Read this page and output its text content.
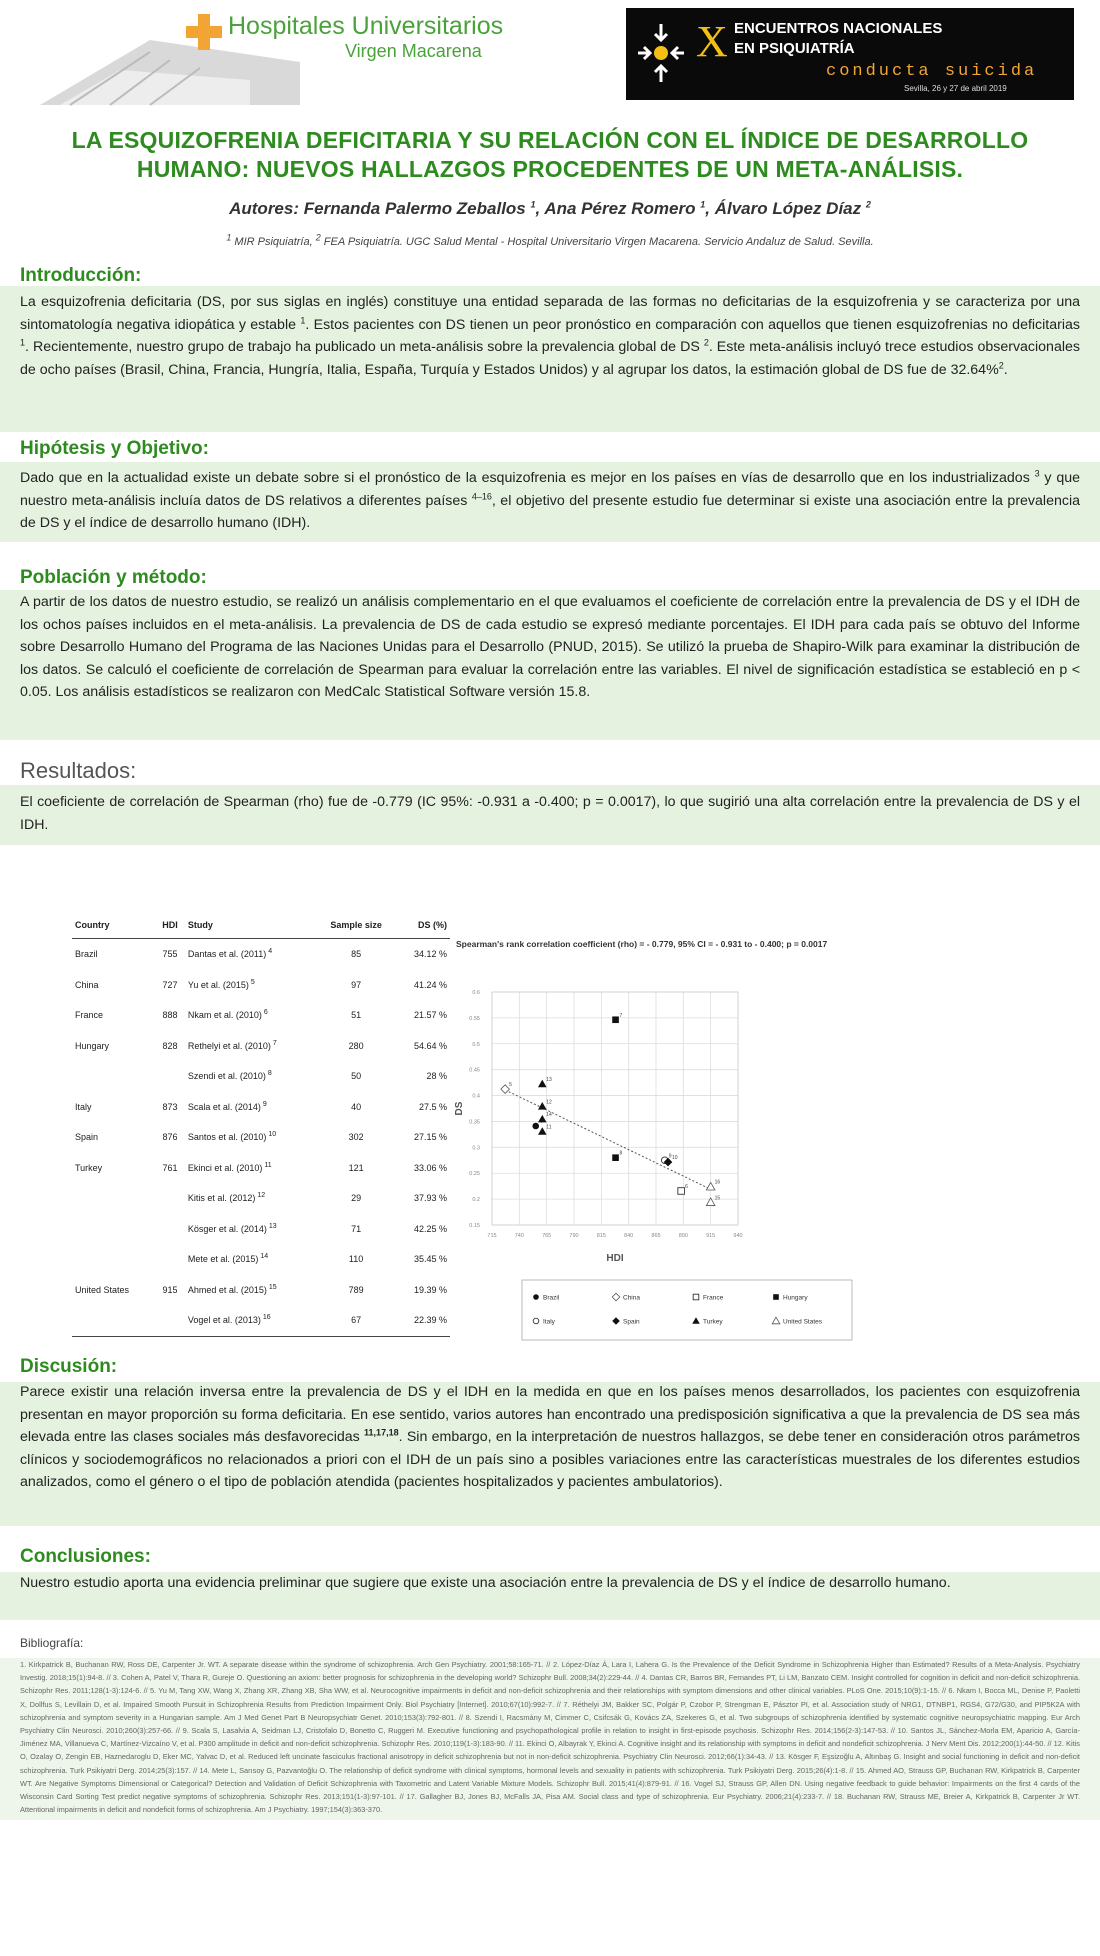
Hospitales Universitarios
Virgen Macarena	X ENCUENTROS NACIONALES
EN PSIQUIATRÍA
conducta suicida
Sevilla, 26 y 27 de abril 2019
LA ESQUIZOFRENIA DEFICITARIA Y SU RELACIÓN CON EL ÍNDICE DE DESARROLLO
HUMANO: NUEVOS HALLAZGOS PROCEDENTES DE UN META-ANÁLISIS.
Autores: Fernanda Palermo Zeballos $^1$, Ana Pérez Romero $^1$, Álvaro López Díaz $^2$
$^1$ MIR Psiquiatría, $^2$ FEA Psiquiatría. UGC Salud Mental - Hospital Universitario Virgen Macarena. Servicio Andaluz de Salud. Sevilla.
Introducción:
La esquizofrenia deficitaria (DS, por sus siglas en inglés) constituye una entidad separada de las formas no deficitarias de la esquizofrenia y se caracteriza por una sintomatología negativa idiopática y estable $^1$. Estos pacientes con DS tienen un peor pronóstico en comparación con aquellos que tienen esquizofrenias no deficitarias $^1$. Recientemente, nuestro grupo de trabajo ha publicado un meta-análisis sobre la prevalencia global de DS $^2$. Este meta-análisis incluyó trece estudios observacionales de ocho países (Brasil, China, Francia, Hungría, Italia, España, Turquía y Estados Unidos) y al agrupar los datos, la estimación global de DS fue de 32.64%$^2$.
Hipótesis y Objetivo:
Dado que en la actualidad existe un debate sobre si el pronóstico de la esquizofrenia es mejor en los países en vías de desarrollo que en los industrializados $^3$ y que nuestro meta-análisis incluía datos de DS relativos a diferentes países $^{4-16}$, el objetivo del presente estudio fue determinar si existe una asociación entre la prevalencia de DS y el índice de desarrollo humano (IDH).
Población y método:
A partir de los datos de nuestro estudio, se realizó un análisis complementario en el que evaluamos el coeficiente de correlación entre la prevalencia de DS y el IDH de los ochos países incluidos en el meta-análisis. La prevalencia de DS de cada estudio se expresó mediante porcentajes. El IDH para cada país se obtuvo del Informe sobre Desarrollo Humano del Programa de las Naciones Unidas para el Desarrollo (PNUD, 2015). Se utilizó la prueba de Shapiro-Wilk para examinar la distribución de los datos. Se calculó el coeficiente de correlación de Spearman para evaluar la correlación entre las variables. El nivel de significación estadística se estableció en p < 0.05. Los análisis estadísticos se realizaron con MedCalc Statistical Software versión 15.8.
Resultados:
El coeficiente de correlación de Spearman (rho) fue de -0.779 (IC 95%: -0.931 a -0.400; p = 0.0017), lo que sugirió una alta correlación entre la prevalencia de DS y el IDH.
Country	HDI	Study	Sample size	DS (%)
Brazil	755	Dantas et al. (2011) $^4$	85	34.12 %
China	727	Yu et al. (2015) $^5$	97	41.24 %
France	888	Nkam et al. (2010) $^6$	51	21.57 %
Hungary	828	Rethelyi et al. (2010) $^7$	280	54.64 %
		Szendi et al. (2010) $^8$	50	28 %
Italy	873	Scala et al. (2014) $^9$	40	27.5 %
Spain	876	Santos et al. (2010) $^{10}$	302	27.15 %
Turkey	761	Ekinci et al. (2010) $^{11}$	121	33.06 %
		Kitis et al. (2012) $^{12}$	29	37.93 %
		Kösger et al. (2014) $^{13}$	71	42.25 %
		Mete et al. (2015) $^{14}$	110	35.45 %
United States	915	Ahmed et al. (2015) $^{15}$	789	19.39 %
		Vogel et al. (2013) $^{16}$	67	22.39 %
Spearman's rank correlation coefficient (rho) = - 0.779, 95% CI = - 0.931 to - 0.400; p = 0.0017
715	740	765	790	815	840	865	890	915	940
0.15
0.2
0.25
0.3
0.35
0.4
0.45
0.5
0.55
0.6
HDI
DS
5
6
7
8	9 10
11
12
13
14
15
16
Brazil	China	France	Hungary
Italy	Spain	Turkey	United States
Discusión:
Parece existir una relación inversa entre la prevalencia de DS y el IDH en la medida en que en los países menos desarrollados, los pacientes con esquizofrenia presentan en mayor proporción su forma deficitaria. En ese sentido, varios autores han encontrado una predisposición significativa a que la prevalencia de DS sea más elevada entre las clases sociales más desfavorecidas $^{11,17,18}$. Sin embargo, en la interpretación de nuestros hallazgos, se debe tener en consideración otros parámetros clínicos y sociodemográficos no relacionados a priori con el IDH de un país sino a posibles variaciones entre las características muestrales de los diferentes estudios analizados, como el género o el tipo de población atendida (pacientes hospitalizados y pacientes ambulatorios).
Conclusiones:
Nuestro estudio aporta una evidencia preliminar que sugiere que existe una asociación entre la prevalencia de DS y el índice de desarrollo humano.
Bibliografía:
1. Kirkpatrick B, Buchanan RW, Ross DE, Carpenter Jr. WT. A separate disease within the syndrome of schizophrenia. Arch Gen Psychiatry. 2001;58:165-71. // 2. López-Díaz Á, Lara I, Lahera G. Is the Prevalence of the Deficit Syndrome in Schizophrenia Higher than Estimated? Results of a Meta-Analysis. Psychiatry Investig. 2018;15(1):94-8. // 3. Cohen A, Patel V, Thara R, Gureje O. Questioning an axiom: better prognosis for schizophrenia in the developing world? Schizophr Bull. 2008;34(2):229-44. // 4. Dantas CR, Barros BR, Fernandes PT, Li LM, Banzato CEM. Insight controlled for cognition in deficit and non-deficit schizophrenia. Schizophr Res. 2011;128(1-3):124-6. // 5. Yu M, Tang XW, Wang X, Zhang XR, Zhang XB, Sha WW, et al. Neurocognitive impairments in deficit and non-deficit schizophrenia and their relationships with symptom dimensions and other clinical variables. PLoS One. 2015;10(9):1-15. // 6. Nkam I, Bocca ML, Denise P, Paoletti X, Dollfus S, Levillain D, et al. Impaired Smooth Pursuit in Schizophrenia Results from Prediction Impairment Only. Biol Psychiatry [Internet]. 2010;67(10):992-7. // 7. Réthelyi JM, Bakker SC, Polgár P, Czobor P, Strengman E, Pásztor PI, et al. Association study of NRG1, DTNBP1, RGS4, G72/G30, and PIP5K2A with schizophrenia and symptom severity in a Hungarian sample. Am J Med Genet Part B Neuropsychiatr Genet. 2010;153(3):792-801. // 8. Szendi I, Racsmány M, Cimmer C, Csifcsák G, Kovács ZA, Szekeres G, et al. Two subgroups of schizophrenia identified by systematic cognitive neuropsychiatric mapping. Eur Arch Psychiatry Clin Neurosci. 2010;260(3):257-66. // 9. Scala S, Lasalvia A, Seidman LJ, Cristofalo D, Bonetto C, Ruggeri M. Executive functioning and psychopathological profile in relation to insight in first-episode psychosis. Schizophr Res. 2014;156(2-3):147-53. // 10. Santos JL, Sánchez-Morla EM, Aparicio A, García-Jiménez MA, Villanueva C, Martínez-Vizcaíno V, et al. P300 amplitude in deficit and non-deficit schizophrenia. Schizophr Res. 2010;119(1-3):183-90. // 11. Ekinci O, Albayrak Y, Ekinci A. Cognitive insight and its relationship with symptoms in deficit and nondeficit schizophrenia. J Nerv Ment Dis. 2012;200(1):44-50. // 12. Kitis O, Ozalay O, Zengin EB, Haznedaroglu D, Eker MC, Yalvac D, et al. Reduced left uncinate fasciculus fractional anisotropy in deficit schizophrenia but not in non-deficit schizophrenia. Psychiatry Clin Neurosci. 2012;66(1):34-43. // 13. Kösger F, Eşsizoğlu A, Altınbaş G. Insight and social functioning in deficit and non-deficit schizophrenia. Turk Psikiyatri Derg. 2014;25(3):157. // 14. Mete L, Sarısoy G, Pazvantoğlu O. The relationship of deficit syndrome with clinical symptoms, hormonal levels and sexuality in patients with schizophrenia. Turk Psikiyatri Derg. 2015;26(4):1-8. // 15. Ahmed AO, Strauss GP, Buchanan RW, Kirkpatrick B, Carpenter WT. Are Negative Symptoms Dimensional or Categorical? Detection and Validation of Deficit Schizophrenia with Taxometric and Latent Variable Mixture Models. Schizophr Bull. 2015;41(4):879-91. // 16. Vogel SJ, Strauss GP, Allen DN. Using negative feedback to guide behavior: Impairments on the first 4 cards of the Wisconsin Card Sorting Test predict negative symptoms of schizophrenia. Schizophr Res. 2013;151(1-3):97-101. // 17. Gallagher BJ, Jones BJ, McFalls JA, Pisa AM. Social class and type of schizophrenia. Eur Psychiatry. 2006;21(4):233-7. // 18. Buchanan RW, Strauss ME, Breier A, Kirkpatrick B, Carpenter Jr WT. Attentional impairments in deficit and nondeficit forms of schizophrenia. Am J Psychiatry. 1997;154(3):363-370.
